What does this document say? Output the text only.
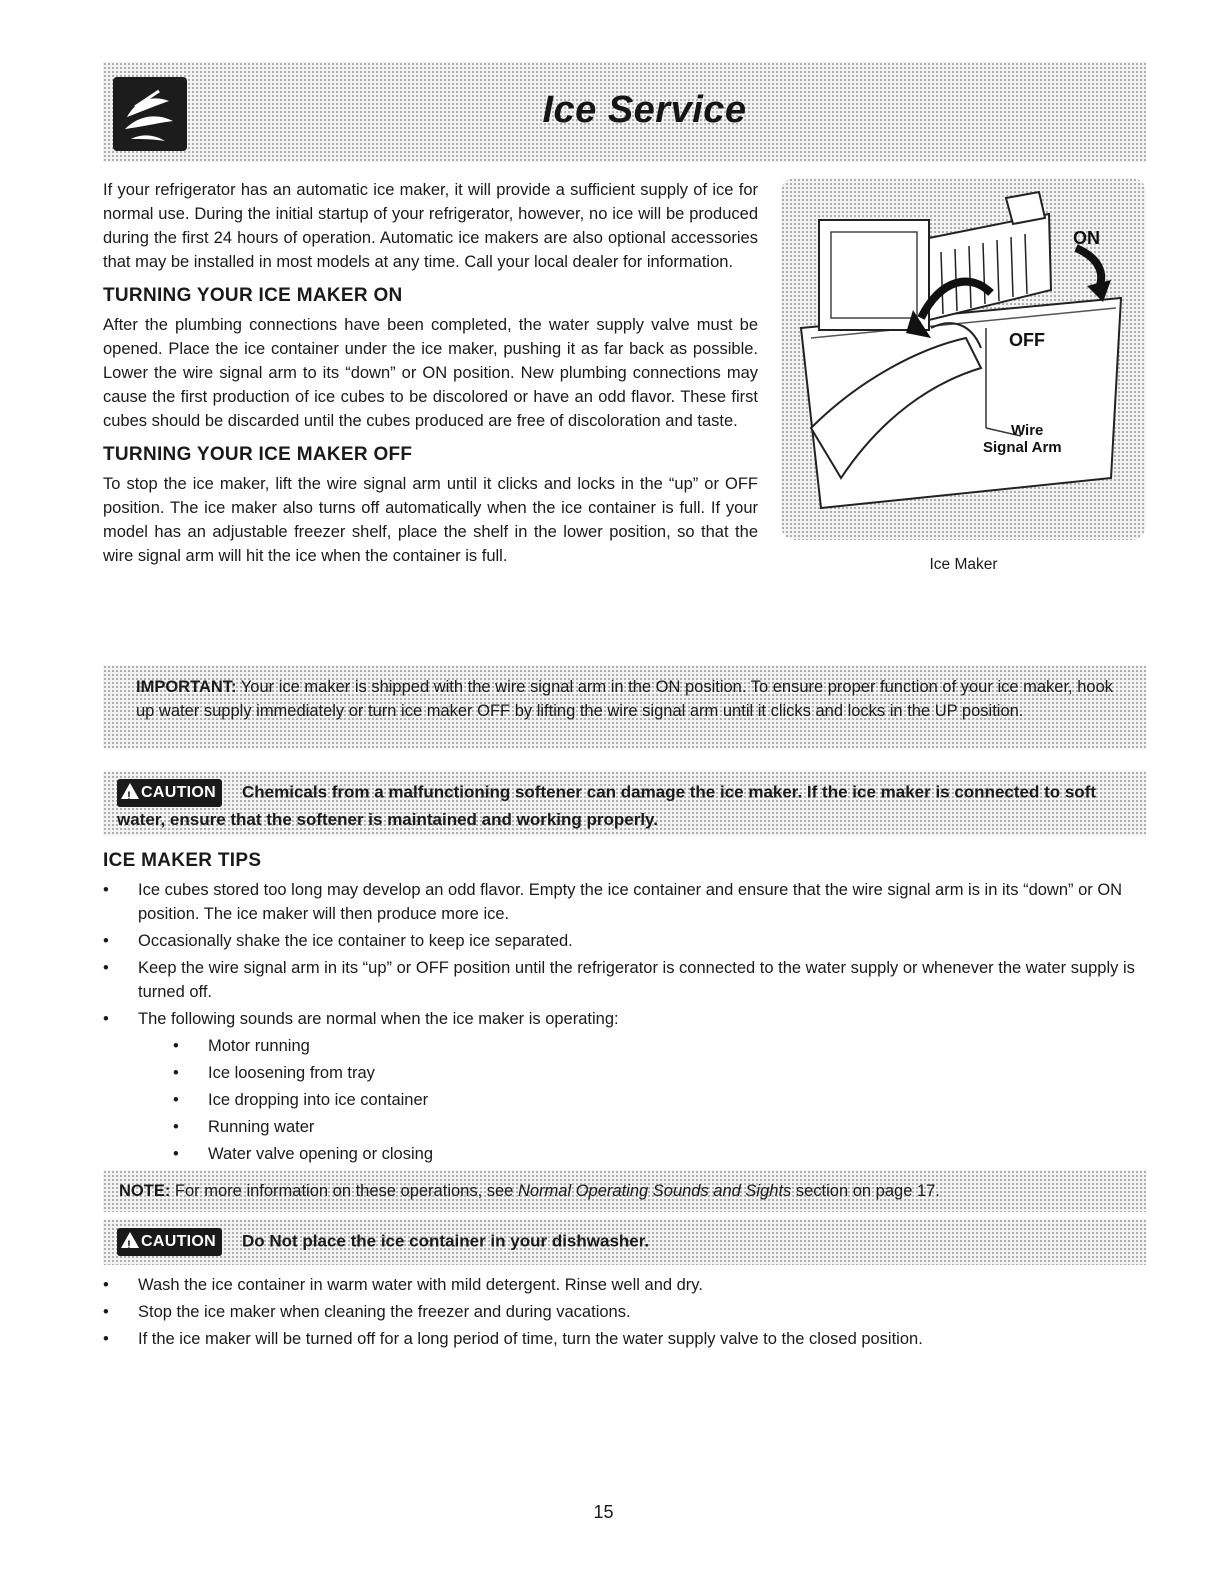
Ice Service

If your refrigerator has an automatic ice maker, it will provide a sufficient supply of ice for normal use. During the initial startup of your refrigerator, however, no ice will be produced during the first 24 hours of operation. Automatic ice makers are also optional accessories that may be installed in most models at any time. Call your local dealer for information.

TURNING YOUR ICE MAKER ON

After the plumbing connections have been completed, the water supply valve must be opened. Place the ice container under the ice maker, pushing it as far back as possible. Lower the wire signal arm to its “down” or ON position. New plumbing connections may cause the first production of ice cubes to be discolored or have an odd flavor. These first cubes should be discarded until the cubes produced are free of discoloration and taste.

TURNING YOUR ICE MAKER OFF

To stop the ice maker, lift the wire signal arm until it clicks and locks in the “up” or OFF position. The ice maker also turns off automatically when the ice container is full. If your model has an adjustable freezer shelf, place the shelf in the lower position, so that the wire signal arm will hit the ice when the container is full.

ON
OFF
Wire
Signal Arm
Ice Maker
IMPORTANT: Your ice maker is shipped with the wire signal arm in the ON position. To ensure proper function of your ice maker, hook up water supply immediately or turn ice maker OFF by lifting the wire signal arm until it clicks and locks in the UP position.
!CAUTION Chemicals from a malfunctioning softener can damage the ice maker. If the ice maker is connected to soft water, ensure that the softener is maintained and working properly.
ICE MAKER TIPS
• Ice cubes stored too long may develop an odd flavor. Empty the ice container and ensure that the wire signal arm is in its “down” or ON position. The ice maker will then produce more ice.
• Occasionally shake the ice container to keep ice separated.
• Keep the wire signal arm in its “up” or OFF position until the refrigerator is connected to the water supply or whenever the water supply is turned off.
• The following sounds are normal when the ice maker is operating:
• Motor running
• Ice loosening from tray
• Ice dropping into ice container
• Running water
• Water valve opening or closing
NOTE: For more information on these operations, see Normal Operating Sounds and Sights section on page 17.
!CAUTION Do Not place the ice container in your dishwasher.
• Wash the ice container in warm water with mild detergent. Rinse well and dry.
• Stop the ice maker when cleaning the freezer and during vacations.
• If the ice maker will be turned off for a long period of time, turn the water supply valve to the closed position.
15
